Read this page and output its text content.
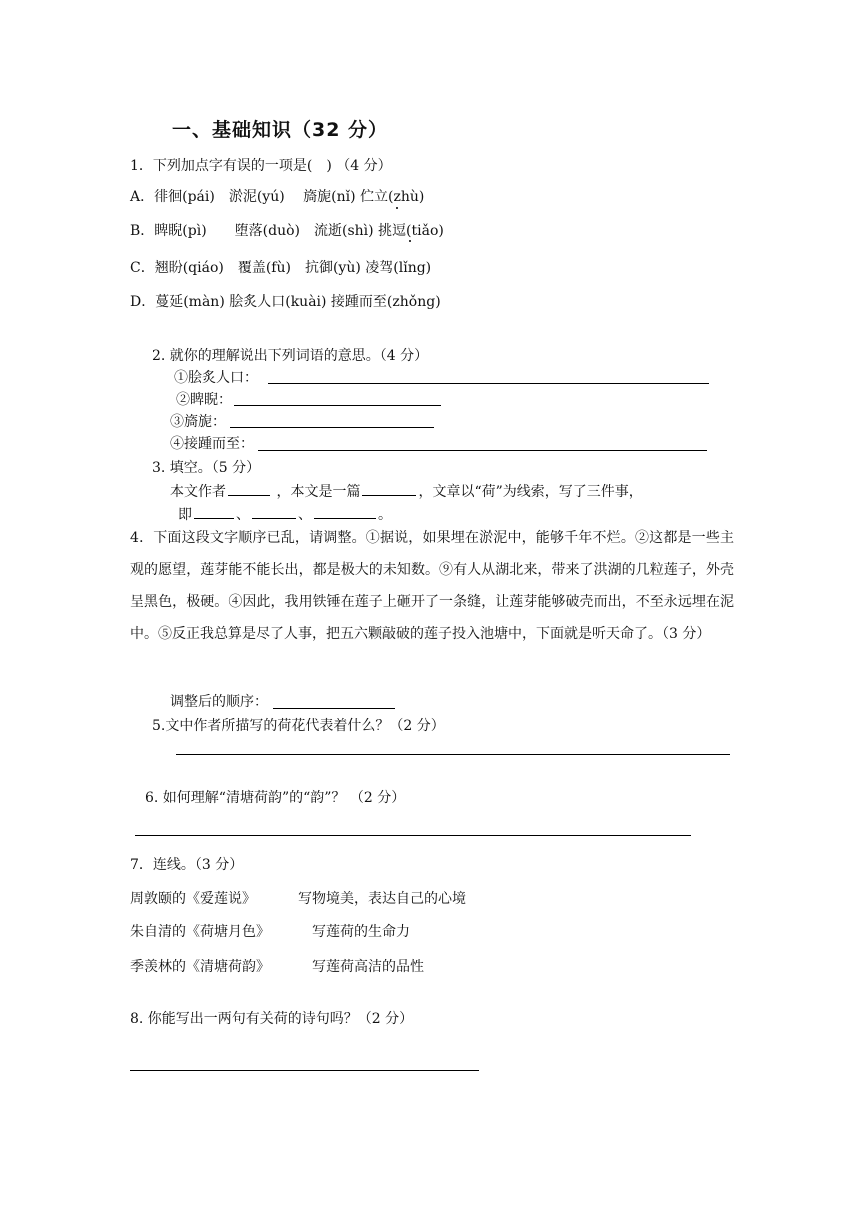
一、基础知识（32 分）
1．下列加点字有误的一项是(　) （4 分）
A．徘徊(pái)　淤泥(yú)　 旖旎(nǐ) 伫立(zhù)
B．睥睨(pì)　　堕落(duò)　流逝(shì) 挑逗(tiǎo)
C．翘盼(qiáo)　覆盖(fù)　抗御(yù) 凌驾(lǐng)
D．蔓延(màn) 脍炙人口(kuài) 接踵而至(zhǒng)
2. 就你的理解说出下列词语的意思。（4 分）
①脍炙人口：
②睥睨：
③旖旎：
④接踵而至：
3. 填空。（5 分）
本文作者	，本文是一篇	，文章以“荷”为线索，写了三件事，
即	、	、	。
4．下面这段文字顺序已乱，请调整。①据说，如果埋在淤泥中，能够千年不烂。②这都是一些主观的愿望，莲芽能不能长出，都是极大的未知数。⑨有人从湖北来，带来了洪湖的几粒莲子，外壳呈黑色，极硬。④因此，我用铁锤在莲子上砸开了一条缝，让莲芽能够破壳而出，不至永远埋在泥中。⑤反正我总算是尽了人事，把五六颗敲破的莲子投入池塘中，下面就是听天命了。（3 分）
调整后的顺序：
5.文中作者所描写的荷花代表着什么？（2 分）
6. 如何理解“清塘荷韵”的“韵”？ （2 分）
7．连线。（3 分）
周敦颐的《爱莲说》	写物境美，表达自己的心境
朱自清的《荷塘月色》	写莲荷的生命力
季羡林的《清塘荷韵》	写莲荷高洁的品性
8. 你能写出一两句有关荷的诗句吗？（2 分）
